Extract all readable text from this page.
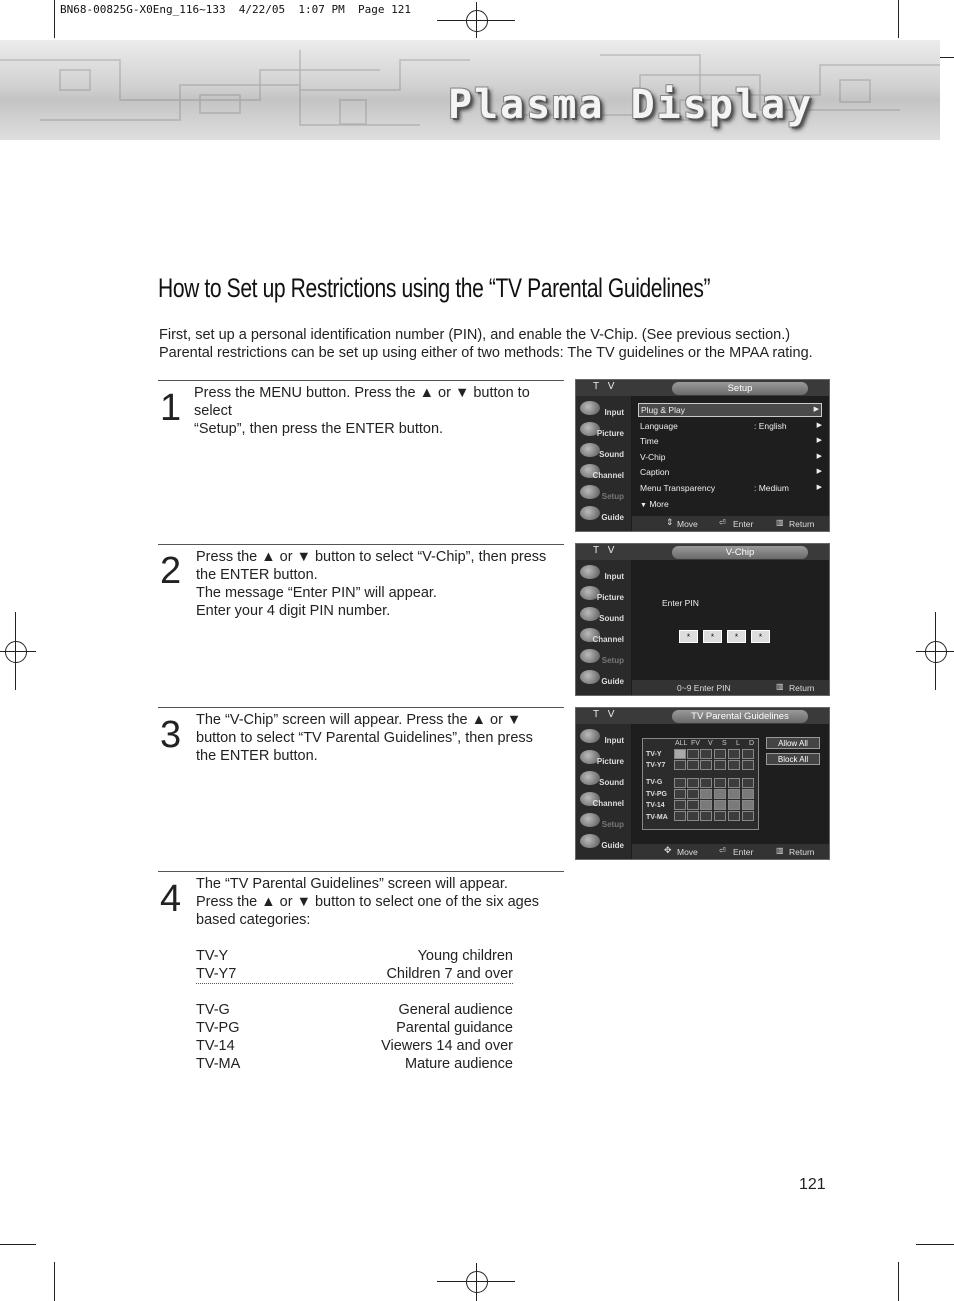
BN68-00825G-X0Eng_116~133  4/22/05  1:07 PM  Page 121
Plasma Display
How to Set up Restrictions using the “TV Parental Guidelines”
First, set up a personal identification number (PIN), and enable the V-Chip. (See previous section.)
Parental restrictions can be set up using either of two methods: The TV guidelines or the MPAA rating.
1 Press the MENU button. Press the ▲ or ▼ button to select

“Setup”, then press the ENTER button.

2 Press the ▲ or ▼ button to select “V-Chip”, then press

the ENTER button.

The message “Enter PIN” will appear.

Enter your 4 digit PIN number.

3 The “V-Chip” screen will appear. Press the ▲ or ▼

button to select “TV Parental Guidelines”, then press

the ENTER button.

4 The “TV Parental Guidelines” screen will appear.

Press the ▲ or ▼ button to select one of the six ages

based categories:

TV-Y	Young children
TV-Y7	Children 7 and over
TV-G	General audience
TV-PG	Parental guidance
TV-14	Viewers 14 and over
TV-MA	Mature audience
T V	Setup
Input
Picture
Sound
Channel
Setup
Guide
Plug & Play	▶
Language	: English	▶
Time	▶
V-Chip	▶
Caption	▶
Menu Transparency	: Medium	▶
▼ More
⇕ Move	⏎ Enter	▥ Return
T V	V-Chip
Input
Picture
Sound
Channel
Setup
Guide
Enter PIN
*	*	*	*
0~9 Enter PIN	▥ Return
T V	TV Parental Guidelines
Input
Picture
Sound
Channel
Setup
Guide
ALL FV V S L D
TV-Y
TV-Y7
TV-G
TV-PG
TV-14
TV-MA
Allow All
Block All
✥ Move	⏎ Enter	▥ Return
121
